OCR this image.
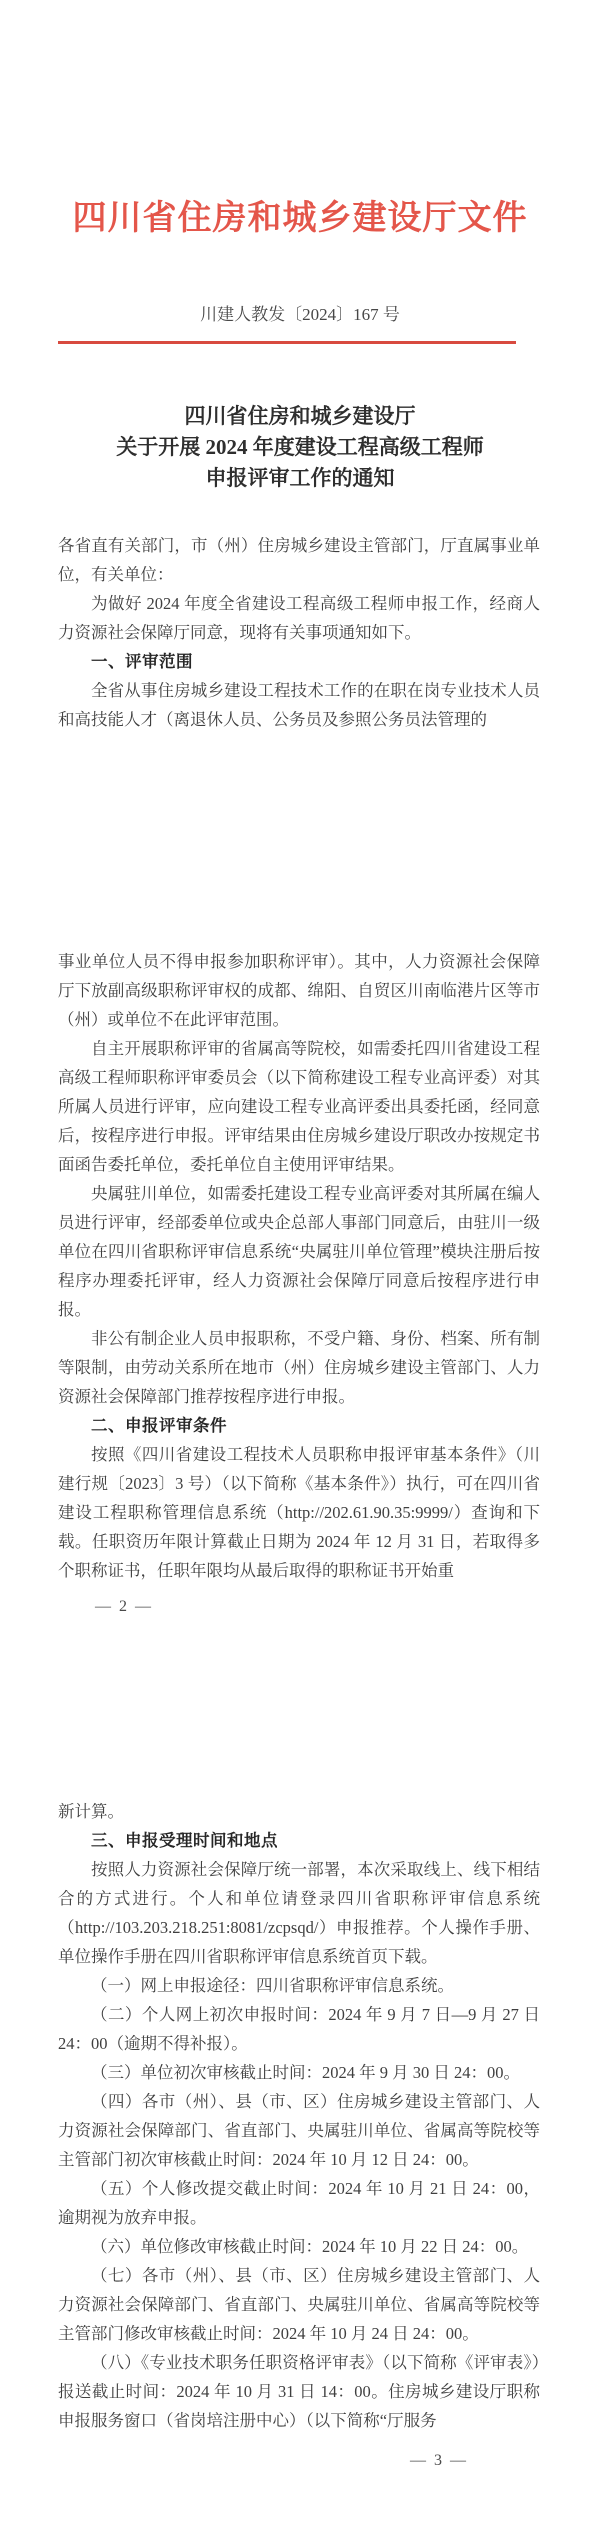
四川省住房和城乡建设厅文件
川建人教发〔2024〕167 号
四川省住房和城乡建设厅
关于开展 2024 年度建设工程高级工程师
申报评审工作的通知

各省直有关部门，市（州）住房城乡建设主管部门，厅直属事业单位，有关单位：

为做好 2024 年度全省建设工程高级工程师申报工作，经商人力资源社会保障厅同意，现将有关事项通知如下。

一、评审范围

全省从事住房城乡建设工程技术工作的在职在岗专业技术人员和高技能人才（离退休人员、公务员及参照公务员法管理的

事业单位人员不得申报参加职称评审）。其中，人力资源社会保障厅下放副高级职称评审权的成都、绵阳、自贸区川南临港片区等市（州）或单位不在此评审范围。

自主开展职称评审的省属高等院校，如需委托四川省建设工程高级工程师职称评审委员会（以下简称建设工程专业高评委）对其所属人员进行评审，应向建设工程专业高评委出具委托函，经同意后，按程序进行申报。评审结果由住房城乡建设厅职改办按规定书面函告委托单位，委托单位自主使用评审结果。

央属驻川单位，如需委托建设工程专业高评委对其所属在编人员进行评审，经部委单位或央企总部人事部门同意后，由驻川一级单位在四川省职称评审信息系统“央属驻川单位管理”模块注册后按程序办理委托评审，经人力资源社会保障厅同意后按程序进行申报。

非公有制企业人员申报职称，不受户籍、身份、档案、所有制等限制，由劳动关系所在地市（州）住房城乡建设主管部门、人力资源社会保障部门推荐按程序进行申报。

二、申报评审条件

按照《四川省建设工程技术人员职称申报评审基本条件》（川建行规〔2023〕3 号）（以下简称《基本条件》）执行，可在四川省建设工程职称管理信息系统（http://202.61.90.35:9999/）查询和下载。任职资历年限计算截止日期为 2024 年 12 月 31 日，若取得多个职称证书，任职年限均从最后取得的职称证书开始重

— 2 —

新计算。

三、申报受理时间和地点

按照人力资源社会保障厅统一部署，本次采取线上、线下相结合的方式进行。个人和单位请登录四川省职称评审信息系统（http://103.203.218.251:8081/zcpsqd/）申报推荐。个人操作手册、单位操作手册在四川省职称评审信息系统首页下载。

（一）网上申报途径：四川省职称评审信息系统。

（二）个人网上初次申报时间：2024 年 9 月 7 日—9 月 27 日 24：00（逾期不得补报）。

（三）单位初次审核截止时间：2024 年 9 月 30 日 24：00。

（四）各市（州）、县（市、区）住房城乡建设主管部门、人力资源社会保障部门、省直部门、央属驻川单位、省属高等院校等主管部门初次审核截止时间：2024 年 10 月 12 日 24：00。

（五）个人修改提交截止时间：2024 年 10 月 21 日 24：00，逾期视为放弃申报。

（六）单位修改审核截止时间：2024 年 10 月 22 日 24：00。

（七）各市（州）、县（市、区）住房城乡建设主管部门、人力资源社会保障部门、省直部门、央属驻川单位、省属高等院校等主管部门修改审核截止时间：2024 年 10 月 24 日 24：00。

（八）《专业技术职务任职资格评审表》（以下简称《评审表》）报送截止时间：2024 年 10 月 31 日 14：00。住房城乡建设厅职称申报服务窗口（省岗培注册中心）（以下简称“厅服务

— 3 —
